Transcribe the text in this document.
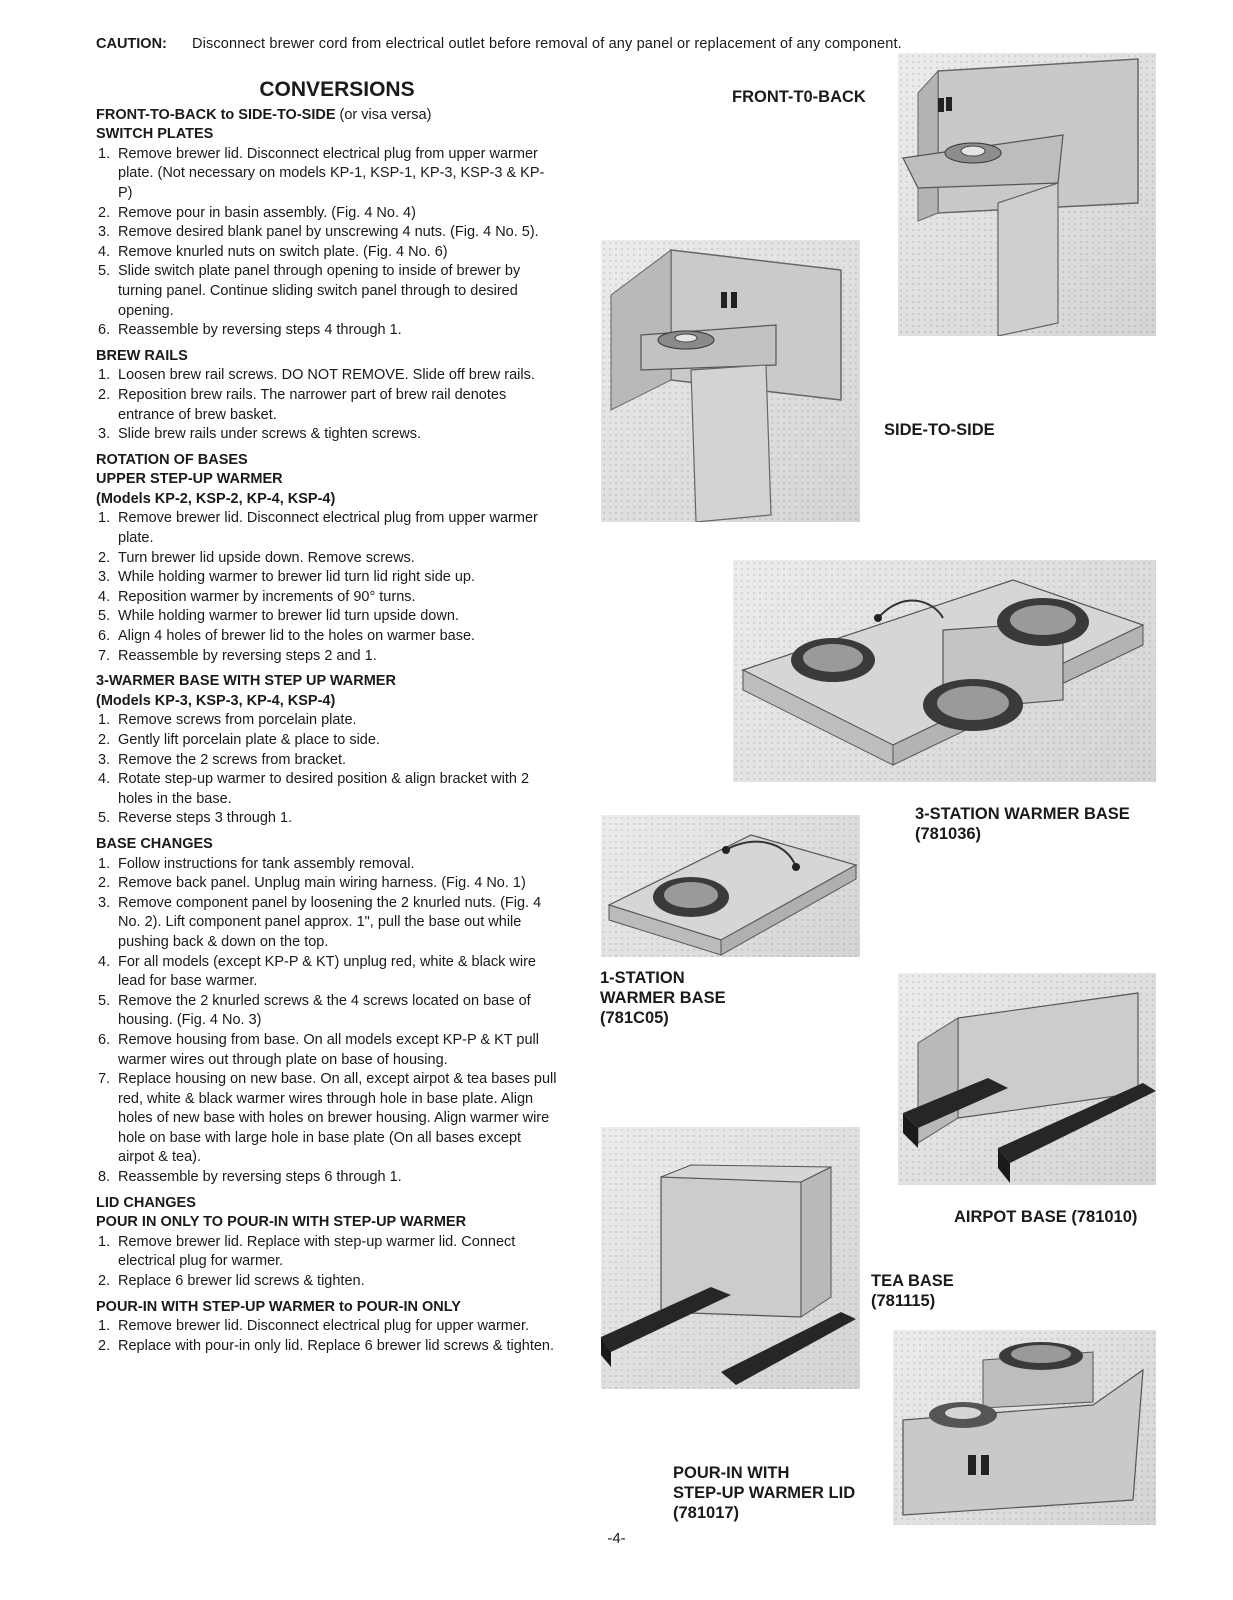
CAUTION: Disconnect brewer cord from electrical outlet before removal of any panel or replacement of any component.
CONVERSIONS
FRONT-TO-BACK to SIDE-TO-SIDE (or visa versa)
SWITCH PLATES
1. Remove brewer lid. Disconnect electrical plug from upper warmer plate. (Not necessary on models KP-1, KSP-1, KP-3, KSP-3 & KP-P)
2. Remove pour in basin assembly. (Fig. 4 No. 4)
3. Remove desired blank panel by unscrewing 4 nuts. (Fig. 4 No. 5).
4. Remove knurled nuts on switch plate. (Fig. 4 No. 6)
5. Slide switch plate panel through opening to inside of brewer by turning panel. Continue sliding switch panel through to desired opening.
6. Reassemble by reversing steps 4 through 1.
BREW RAILS
1. Loosen brew rail screws. DO NOT REMOVE. Slide off brew rails.
2. Reposition brew rails. The narrower part of brew rail denotes entrance of brew basket.
3. Slide brew rails under screws & tighten screws.
ROTATION OF BASES
UPPER STEP-UP WARMER
(Models KP-2, KSP-2, KP-4, KSP-4)
1. Remove brewer lid. Disconnect electrical plug from upper warmer plate.
2. Turn brewer lid upside down. Remove screws.
3. While holding warmer to brewer lid turn lid right side up.
4. Reposition warmer by increments of 90° turns.
5. While holding warmer to brewer lid turn upside down.
6. Align 4 holes of brewer lid to the holes on warmer base.
7. Reassemble by reversing steps 2 and 1.
3-WARMER BASE WITH STEP UP WARMER
(Models KP-3, KSP-3, KP-4, KSP-4)
1. Remove screws from porcelain plate.
2. Gently lift porcelain plate & place to side.
3. Remove the 2 screws from bracket.
4. Rotate step-up warmer to desired position & align bracket with 2 holes in the base.
5. Reverse steps 3 through 1.
BASE CHANGES
1. Follow instructions for tank assembly removal.
2. Remove back panel. Unplug main wiring harness. (Fig. 4 No. 1)
3. Remove component panel by loosening the 2 knurled nuts. (Fig. 4 No. 2). Lift component panel approx. 1", pull the base out while pushing back & down on the top.
4. For all models (except KP-P & KT) unplug red, white & black wire lead for base warmer.
5. Remove the 2 knurled screws & the 4 screws located on base of housing. (Fig. 4 No. 3)
6. Remove housing from base. On all models except KP-P & KT pull warmer wires out through plate on base of housing.
7. Replace housing on new base. On all, except airpot & tea bases pull red, white & black warmer wires through hole in base plate. Align holes of new base with holes on brewer housing. Align warmer wire hole on base with large hole in base plate (On all bases except airpot & tea).
8. Reassemble by reversing steps 6 through 1.
LID CHANGES
POUR IN ONLY TO POUR-IN WITH STEP-UP WARMER
1. Remove brewer lid. Replace with step-up warmer lid. Connect electrical plug for warmer.
2. Replace 6 brewer lid screws & tighten.
POUR-IN WITH STEP-UP WARMER to POUR-IN ONLY
1. Remove brewer lid. Disconnect electrical plug for upper warmer.
2. Replace with pour-in only lid. Replace 6 brewer lid screws & tighten.
FRONT-T0-BACK
SIDE-TO-SIDE
3-STATION WARMER BASE
(781036)
1-STATION
WARMER BASE
(781C05)
AIRPOT BASE (781010)
TEA BASE
(781115)
POUR-IN WITH
STEP-UP WARMER LID
(781017)
-4-
